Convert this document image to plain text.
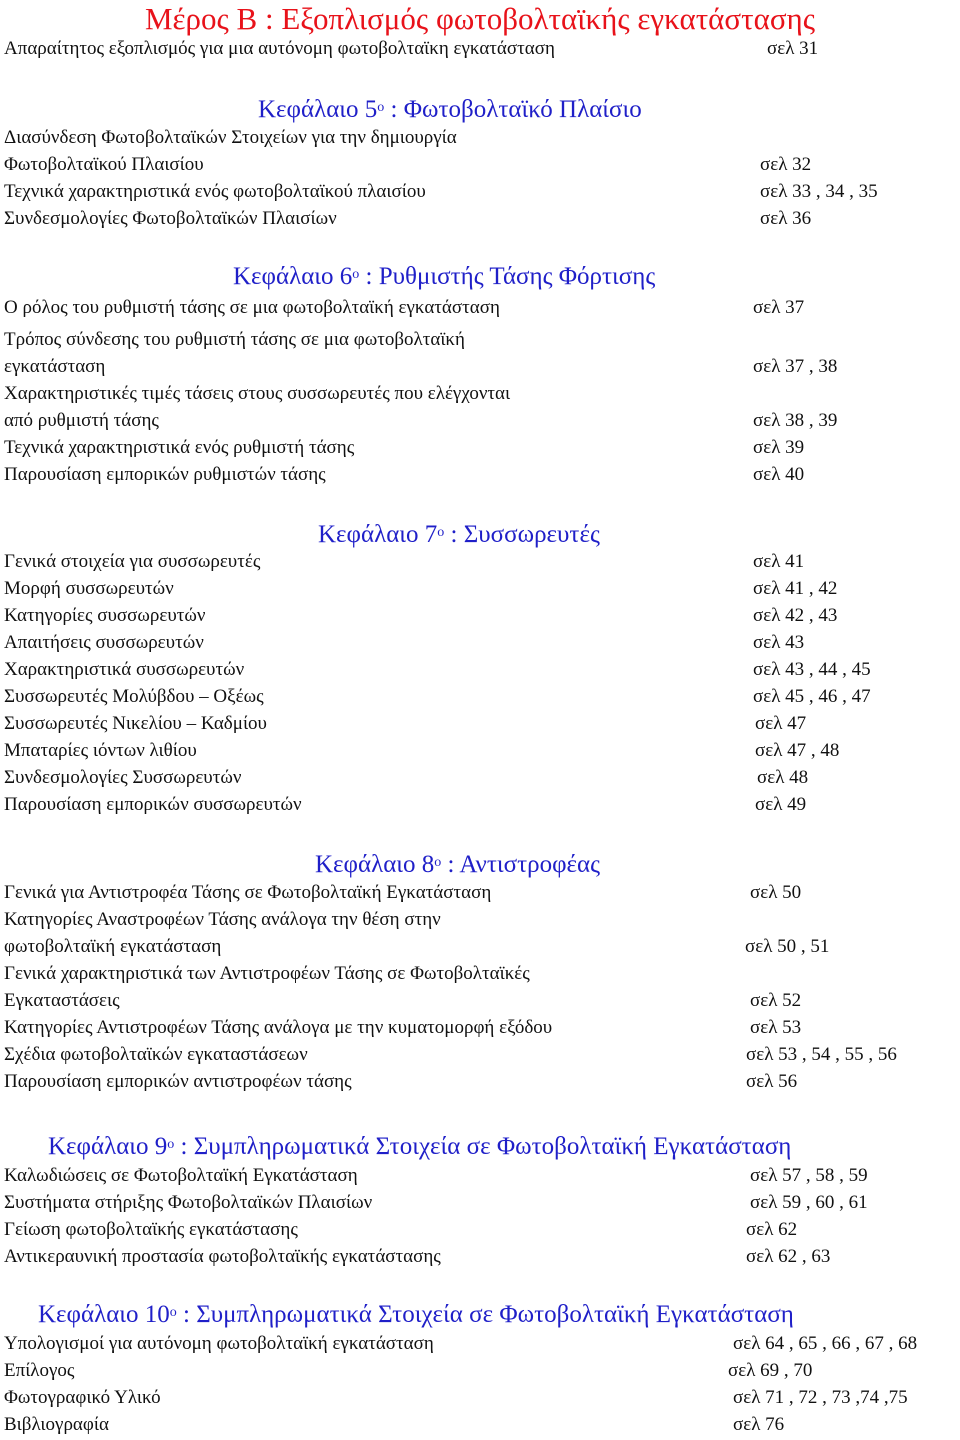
Μέρος Β : Εξοπλισμός φωτοβολταϊκής εγκατάστασης
Απαραίτητος εξοπλισμός για μια αυτόνομη φωτοβολταϊκη εγκατάσταση	σελ 31
Κεφάλαιο $5^o$ : Φωτοβολταϊκό Πλαίσιο
Διασύνδεση Φωτοβολταϊκών Στοιχείων για την δημιουργία
Φωτοβολταϊκού Πλαισίου	σελ 32
Τεχνικά χαρακτηριστικά ενός φωτοβολταϊκού πλαισίου	σελ 33 , 34 , 35
Συνδεσμολογίες Φωτοβολταϊκών Πλαισίων	σελ 36
Κεφάλαιο $6^o$ : Ρυθμιστής Τάσης Φόρτισης
Ο ρόλος του ρυθμιστή τάσης σε μια φωτοβολταϊκή εγκατάσταση	σελ 37
Τρόπος σύνδεσης του ρυθμιστή τάσης σε μια φωτοβολταϊκή
εγκατάσταση	σελ 37 , 38
Χαρακτηριστικές τιμές τάσεις στους συσσωρευτές που ελέγχονται
από ρυθμιστή τάσης	σελ 38 , 39
Τεχνικά χαρακτηριστικά ενός ρυθμιστή τάσης	σελ 39
Παρουσίαση εμπορικών ρυθμιστών τάσης	σελ 40
Κεφάλαιο $7^o$ : Συσσωρευτές
Γενικά στοιχεία για συσσωρευτές	σελ 41
Μορφή συσσωρευτών	σελ 41 , 42
Κατηγορίες συσσωρευτών	σελ 42 , 43
Απαιτήσεις συσσωρευτών	σελ 43
Χαρακτηριστικά συσσωρευτών	σελ 43 , 44 , 45
Συσσωρευτές Μολύβδου – Οξέως	σελ 45 , 46 , 47
Συσσωρευτές Νικελίου – Καδμίου	σελ 47
Μπαταρίες ιόντων λιθίου	σελ 47 , 48
Συνδεσμολογίες Συσσωρευτών	σελ 48
Παρουσίαση εμπορικών συσσωρευτών	σελ 49
Κεφάλαιο $8^o$ : Αντιστροφέας
Γενικά για Αντιστροφέα Τάσης σε Φωτοβολταϊκή Εγκατάσταση	σελ 50
Κατηγορίες Αναστροφέων Τάσης ανάλογα την θέση στην
φωτοβολταϊκή εγκατάσταση	σελ 50 , 51
Γενικά χαρακτηριστικά των Αντιστροφέων Τάσης σε Φωτοβολταϊκές
Εγκαταστάσεις	σελ 52
Κατηγορίες Αντιστροφέων Τάσης ανάλογα με την κυματομορφή εξόδου	σελ 53
Σχέδια φωτοβολταϊκών εγκαταστάσεων	σελ 53 , 54 , 55 , 56
Παρουσίαση εμπορικών αντιστροφέων τάσης	σελ 56
Κεφάλαιο $9^o$ : Συμπληρωματικά Στοιχεία σε Φωτοβολταϊκή Εγκατάσταση
Καλωδιώσεις σε Φωτοβολταϊκή Εγκατάσταση	σελ 57 , 58 , 59
Συστήματα στήριξης Φωτοβολταϊκών Πλαισίων	σελ 59 , 60 , 61
Γείωση φωτοβολταϊκής εγκατάστασης	σελ 62
Αντικεραυνική προστασία φωτοβολταϊκής εγκατάστασης	σελ 62 , 63
Κεφάλαιο $10^o$ : Συμπληρωματικά Στοιχεία σε Φωτοβολταϊκή Εγκατάσταση
Υπολογισμοί για αυτόνομη φωτοβολταϊκή εγκατάσταση	σελ 64 , 65 , 66 , 67 , 68
Επίλογος	σελ 69 , 70
Φωτογραφικό Υλικό	σελ 71 , 72 , 73 ,74 ,75
Βιβλιογραφία	σελ 76
